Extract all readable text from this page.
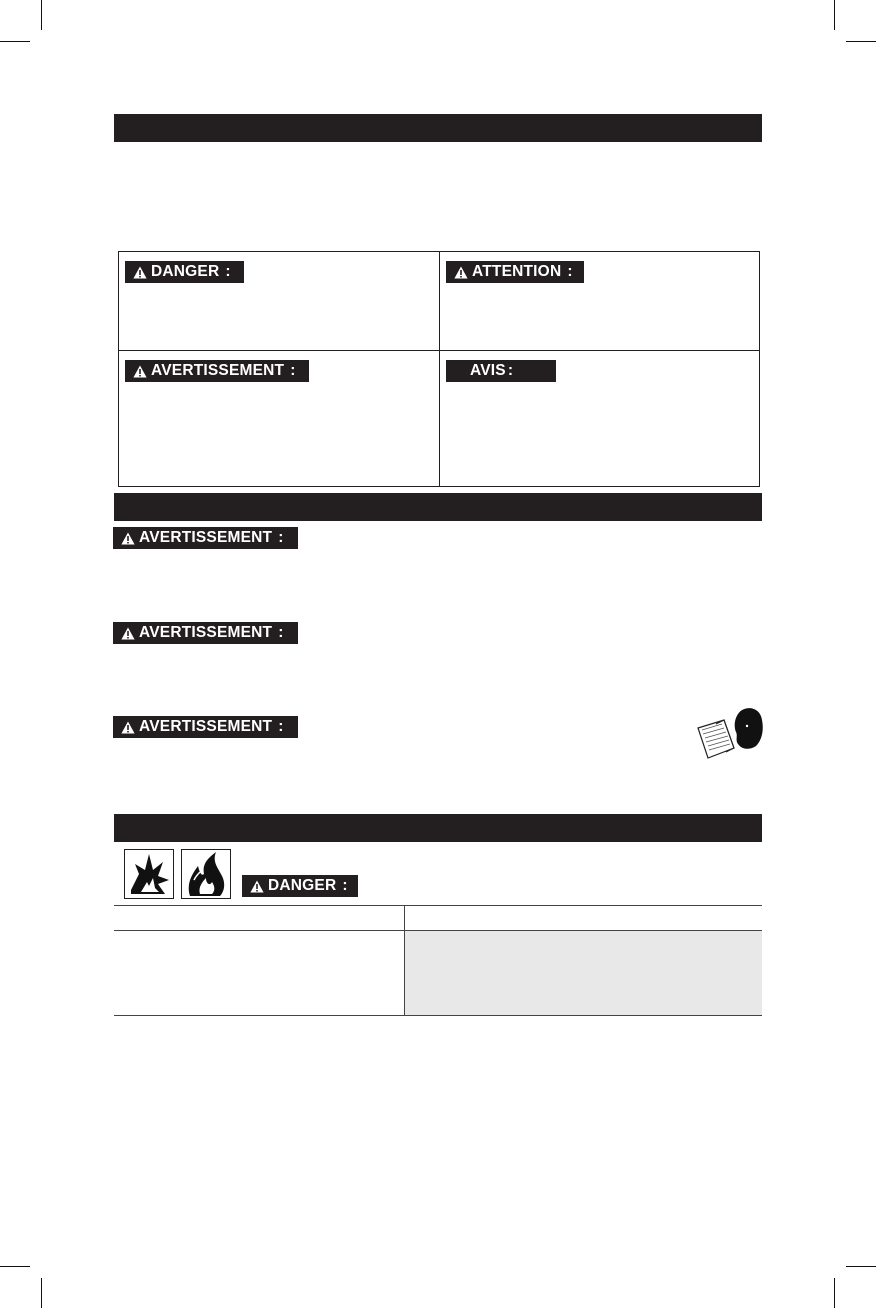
DANGER :	ATTENTION :
AVERTISSEMENT :	AVIS :
AVERTISSEMENT :
AVERTISSEMENT :
AVERTISSEMENT :
DANGER :
